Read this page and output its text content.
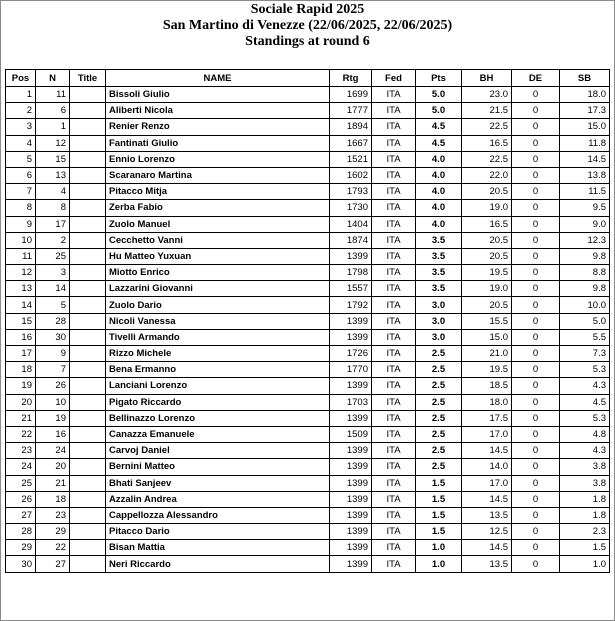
Sociale Rapid 2025
San Martino di Venezze (22/06/2025, 22/06/2025)
Standings at round 6
Pos	N	Title	NAME	Rtg	Fed	Pts	BH	DE	SB
1	11		Bissoli Giulio	1699	ITA	5.0	23.0	0	18.0
2	6		Aliberti Nicola	1777	ITA	5.0	21.5	0	17.3
3	1		Renier Renzo	1894	ITA	4.5	22.5	0	15.0
4	12		Fantinati Giulio	1667	ITA	4.5	16.5	0	11.8
5	15		Ennio Lorenzo	1521	ITA	4.0	22.5	0	14.5
6	13		Scaranaro Martina	1602	ITA	4.0	22.0	0	13.8
7	4		Pitacco Mitja	1793	ITA	4.0	20.5	0	11.5
8	8		Zerba Fabio	1730	ITA	4.0	19.0	0	9.5
9	17		Zuolo Manuel	1404	ITA	4.0	16.5	0	9.0
10	2		Cecchetto Vanni	1874	ITA	3.5	20.5	0	12.3
11	25		Hu Matteo Yuxuan	1399	ITA	3.5	20.5	0	9.8
12	3		Miotto Enrico	1798	ITA	3.5	19.5	0	8.8
13	14		Lazzarini Giovanni	1557	ITA	3.5	19.0	0	9.8
14	5		Zuolo Dario	1792	ITA	3.0	20.5	0	10.0
15	28		Nicoli Vanessa	1399	ITA	3.0	15.5	0	5.0
16	30		Tivelli Armando	1399	ITA	3.0	15.0	0	5.5
17	9		Rizzo Michele	1726	ITA	2.5	21.0	0	7.3
18	7		Bena Ermanno	1770	ITA	2.5	19.5	0	5.3
19	26		Lanciani Lorenzo	1399	ITA	2.5	18.5	0	4.3
20	10		Pigato Riccardo	1703	ITA	2.5	18.0	0	4.5
21	19		Bellinazzo Lorenzo	1399	ITA	2.5	17.5	0	5.3
22	16		Canazza Emanuele	1509	ITA	2.5	17.0	0	4.8
23	24		Carvoj Daniel	1399	ITA	2.5	14.5	0	4.3
24	20		Bernini Matteo	1399	ITA	2.5	14.0	0	3.8
25	21		Bhati Sanjeev	1399	ITA	1.5	17.0	0	3.8
26	18		Azzalin Andrea	1399	ITA	1.5	14.5	0	1.8
27	23		Cappellozza Alessandro	1399	ITA	1.5	13.5	0	1.8
28	29		Pitacco Dario	1399	ITA	1.5	12.5	0	2.3
29	22		Bisan Mattia	1399	ITA	1.0	14.5	0	1.5
30	27		Neri Riccardo	1399	ITA	1.0	13.5	0	1.0
